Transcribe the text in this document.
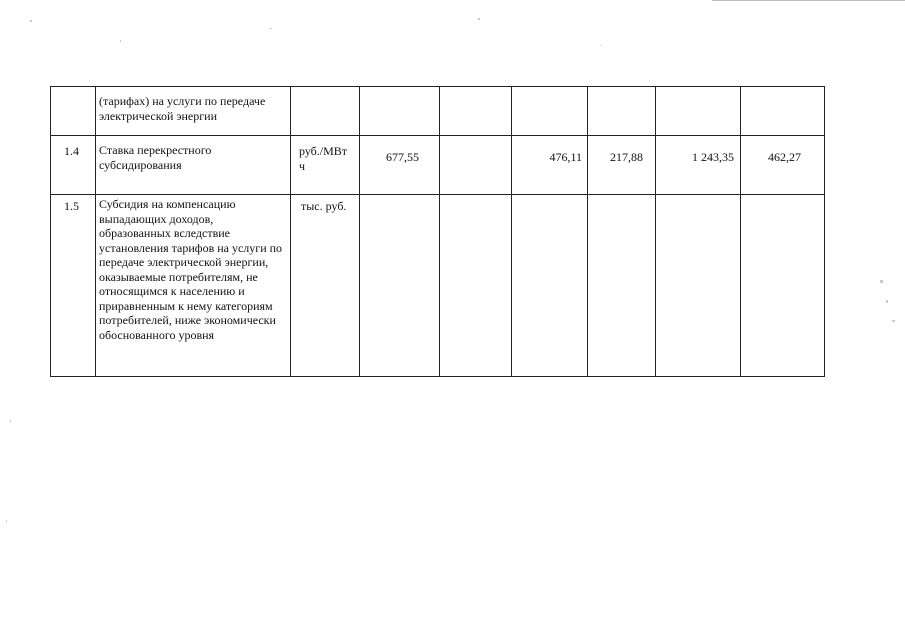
	(тарифах) на услуги по передаче электрической энергии							
1.4	Ставка перекрестного субсидирования	руб./МВт ч	677,55		476,11	217,88	1 243,35	462,27
1.5	Субсидия на компенсацию выпадающих доходов, образованных вследствие установления тарифов на услуги по передаче электрической энергии, оказываемые потребителям, не относящимся к населению и приравненным к нему категориям потребителей, ниже экономически обоснованного уровня	тыс. руб.						
